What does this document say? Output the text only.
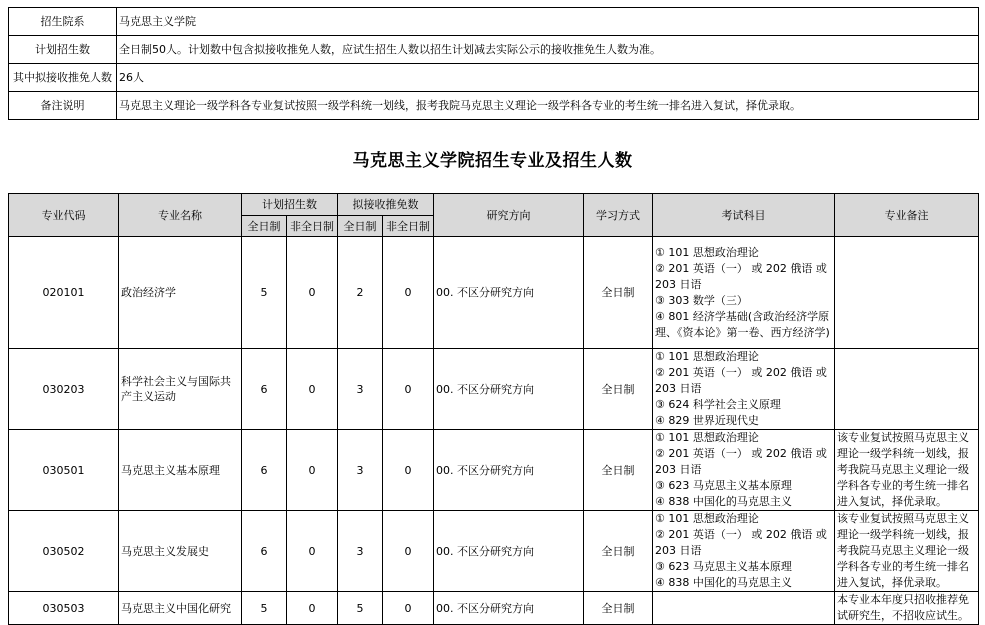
招生院系	马克思主义学院
计划招生数	全日制50人。计划数中包含拟接收推免人数，应试生招生人数以招生计划减去实际公示的接收推免生人数为准。
其中拟接收推免人数	26人
备注说明	马克思主义理论一级学科各专业复试按照一级学科统一划线，报考我院马克思主义理论一级学科各专业的考生统一排名进入复试，择优录取。
马克思主义学院招生专业及招生人数
专业代码	专业名称	计划招生数		拟接收推免数		研究方向	学习方式	考试科目	专业备注
		全日制	非全日制	全日制	非全日制				
020101	政治经济学	5	0	2	0	00. 不区分研究方向	全日制	① 101 思想政治理论
② 201 英语（一） 或 202 俄语 或 203 日语
③ 303 数学（三）
④ 801 经济学基础(含政治经济学原理、《资本论》第一卷、西方经济学)	

030203	科学社会主义与国际共产主义运动	6	0	3	0	00. 不区分研究方向	全日制	① 101 思想政治理论
② 201 英语（一） 或 202 俄语 或 203 日语
③ 624 科学社会主义原理
④ 829 世界近现代史	

030501	马克思主义基本原理	6	0	3	0	00. 不区分研究方向	全日制	① 101 思想政治理论
② 201 英语（一） 或 202 俄语 或 203 日语
③ 623 马克思主义基本原理
④ 838 中国化的马克思主义	该专业复试按照马克思主义理论一级学科统一划线，报考我院马克思主义理论一级学科各专业的考生统一排名进入复试，择优录取。
030502	马克思主义发展史	6	0	3	0	00. 不区分研究方向	全日制	① 101 思想政治理论
② 201 英语（一） 或 202 俄语 或 203 日语
③ 623 马克思主义基本原理
④ 838 中国化的马克思主义	该专业复试按照马克思主义理论一级学科统一划线，报考我院马克思主义理论一级学科各专业的考生统一排名进入复试，择优录取。
030503	马克思主义中国化研究	5	0	5	0	00. 不区分研究方向	全日制		本专业本年度只招收推荐免试研究生，不招收应试生。
